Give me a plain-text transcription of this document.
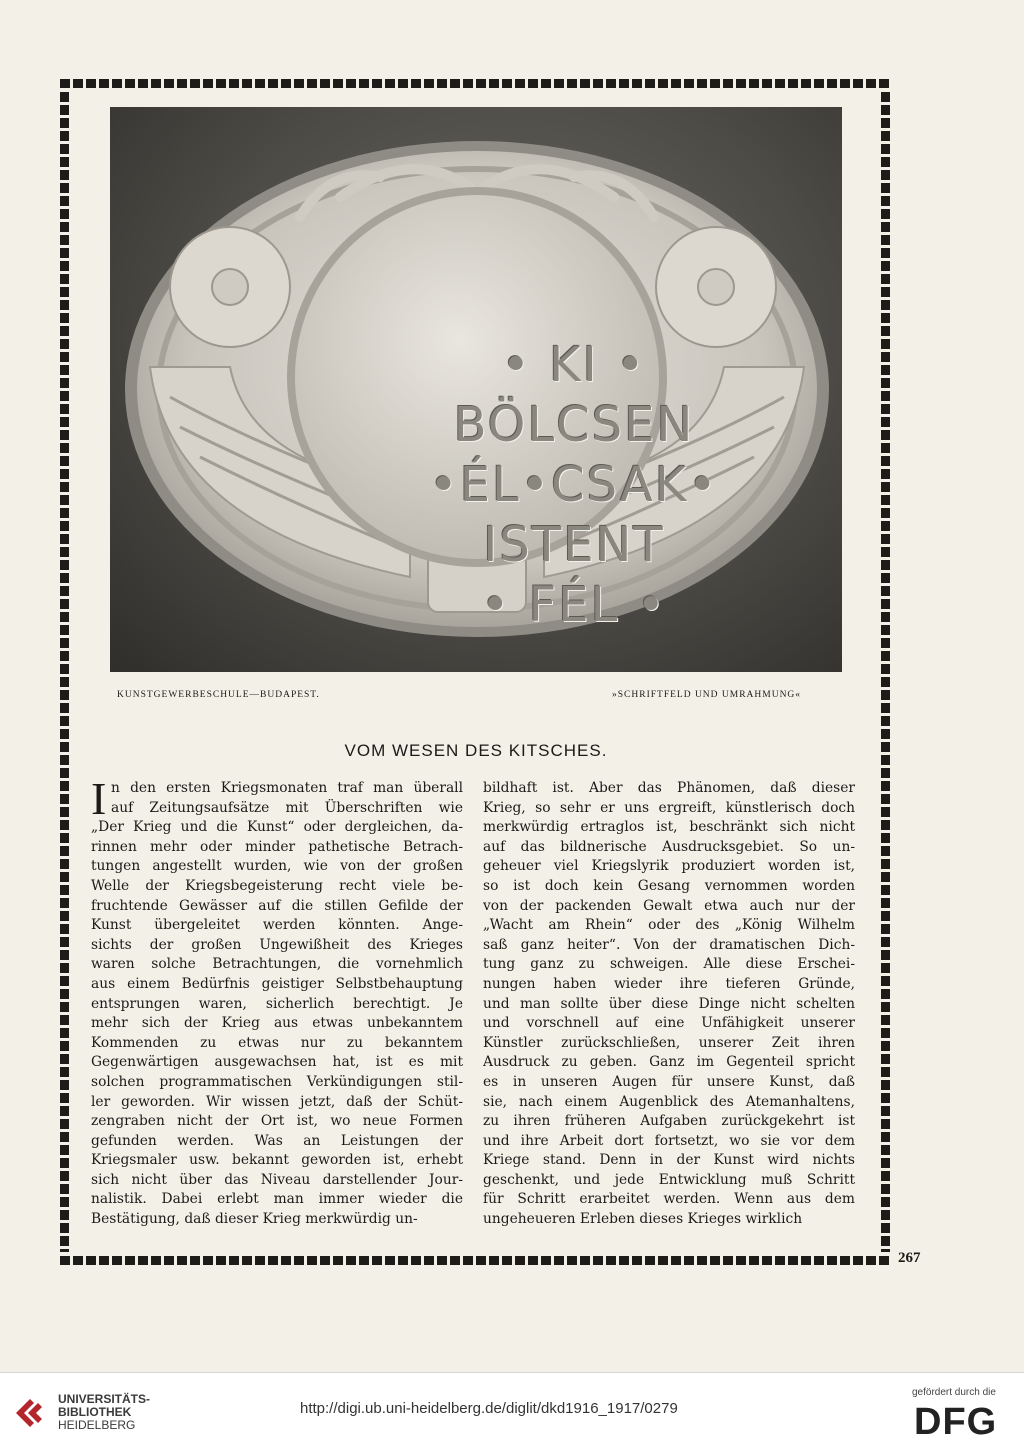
267
• KI •
BÖLCSEN
•ÉL•CSAK•
ISTENT
• FÉL •
KUNSTGEWERBESCHULE—BUDAPEST.	»SCHRIFTFELD UND UMRAHMUNG«
VOM WESEN DES KITSCHES.
I n den ersten Kriegsmonaten traf man überall
auf Zeitungsaufsätze mit Überschriften wie
„Der Krieg und die Kunst“ oder dergleichen, da-
rinnen mehr oder minder pathetische Betrach-
tungen angestellt wurden, wie von der großen
Welle der Kriegsbegeisterung recht viele be-
fruchtende Gewässer auf die stillen Gefilde der
Kunst übergeleitet werden könnten. Ange-
sichts der großen Ungewißheit des Krieges
waren solche Betrachtungen, die vornehmlich
aus einem Bedürfnis geistiger Selbstbehauptung
entsprungen waren, sicherlich berechtigt. Je
mehr sich der Krieg aus etwas unbekanntem
Kommenden zu etwas nur zu bekanntem
Gegenwärtigen ausgewachsen hat, ist es mit
solchen programmatischen Verkündigungen stil-
ler geworden. Wir wissen jetzt, daß der Schüt-
zengraben nicht der Ort ist, wo neue Formen
gefunden werden. Was an Leistungen der
Kriegsmaler usw. bekannt geworden ist, erhebt
sich nicht über das Niveau darstellender Jour-
nalistik. Dabei erlebt man immer wieder die
Bestätigung, daß dieser Krieg merkwürdig un-
bildhaft ist. Aber das Phänomen, daß dieser
Krieg, so sehr er uns ergreift, künstlerisch doch
merkwürdig ertraglos ist, beschränkt sich nicht
auf das bildnerische Ausdrucksgebiet. So un-
geheuer viel Kriegslyrik produziert worden ist,
so ist doch kein Gesang vernommen worden
von der packenden Gewalt etwa auch nur der
„Wacht am Rhein“ oder des „König Wilhelm
saß ganz heiter“. Von der dramatischen Dich-
tung ganz zu schweigen. Alle diese Erschei-
nungen haben wieder ihre tieferen Gründe,
und man sollte über diese Dinge nicht schelten
und vorschnell auf eine Unfähigkeit unserer
Künstler zurückschließen, unserer Zeit ihren
Ausdruck zu geben. Ganz im Gegenteil spricht
es in unseren Augen für unsere Kunst, daß
sie, nach einem Augenblick des Atemanhaltens,
zu ihren früheren Aufgaben zurückgekehrt ist
und ihre Arbeit dort fortsetzt, wo sie vor dem
Kriege stand. Denn in der Kunst wird nichts
geschenkt, und jede Entwicklung muß Schritt
für Schritt erarbeitet werden. Wenn aus dem
ungeheueren Erleben dieses Krieges wirklich
UNIVERSITÄTS-
BIBLIOTHEK
HEIDELBERG
http://digi.ub.uni-heidelberg.de/diglit/dkd1916_1917/0279
gefördert durch die
DFG
